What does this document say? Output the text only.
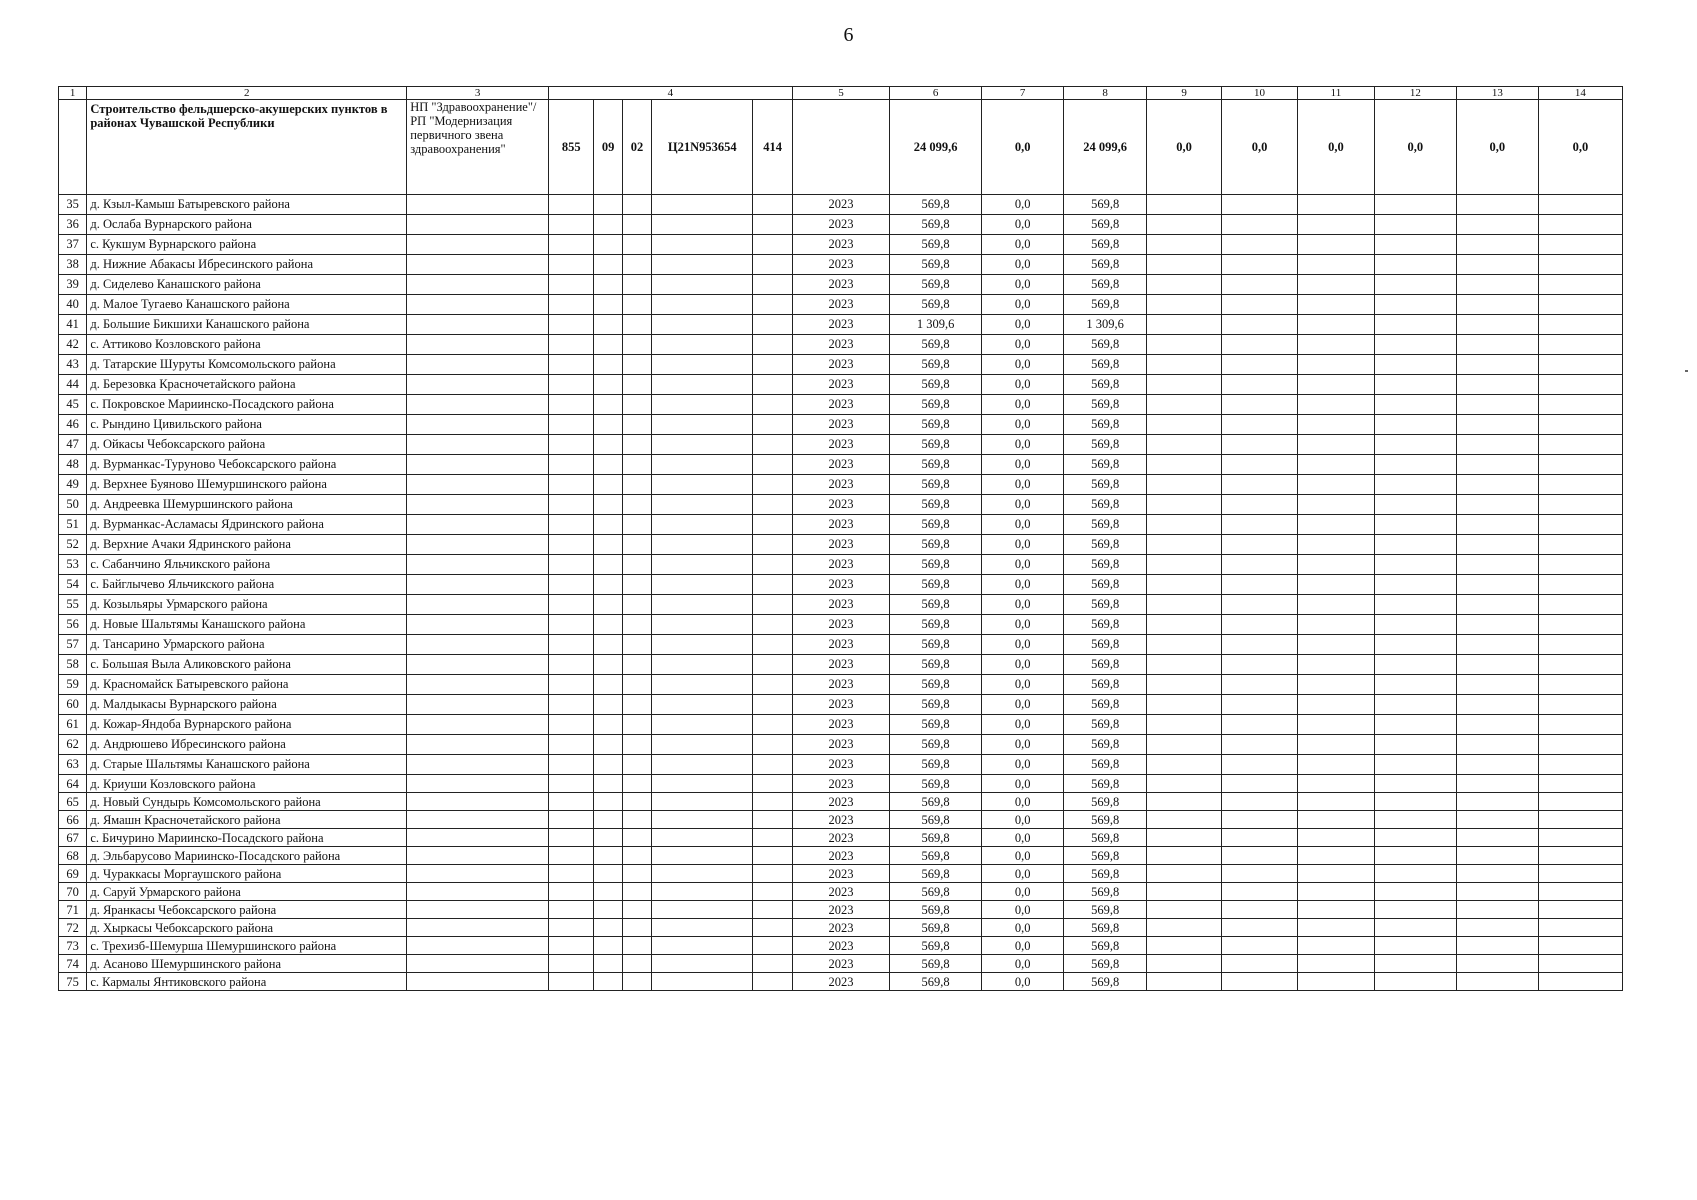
6
1	2	3	4					5	6	7	8	9	10	11	12	13	14
	Строительство фельдшерско-акушерских пунктов в районах Чувашской Республики	НП "Здравоохранение"/ РП "Модернизация первичного звена здравоохранения"	855	09	02	Ц21N953654	414		24 099,6	0,0	24 099,6	0,0	0,0	0,0	0,0	0,0	0,0
35	д. Кзыл-Камыш Батыревского района							2023	569,8	0,0	569,8						
36	д. Ослаба Вурнарского района							2023	569,8	0,0	569,8						
37	с. Кукшум Вурнарского района							2023	569,8	0,0	569,8						
38	д. Нижние Абакасы Ибресинского района							2023	569,8	0,0	569,8						
39	д. Сиделево Канашского района							2023	569,8	0,0	569,8						
40	д. Малое Тугаево Канашского района							2023	569,8	0,0	569,8						
41	д. Большие Бикшихи Канашского района							2023	1 309,6	0,0	1 309,6						
42	с. Аттиково Козловского района							2023	569,8	0,0	569,8						
43	д. Татарские Шуруты Комсомольского района							2023	569,8	0,0	569,8						
44	д. Березовка Красночетайского района							2023	569,8	0,0	569,8						
45	с. Покровское Мариинско-Посадского района							2023	569,8	0,0	569,8						
46	с. Рындино Цивильского района							2023	569,8	0,0	569,8						
47	д. Ойкасы Чебоксарского района							2023	569,8	0,0	569,8						
48	д. Вурманкас-Туруново Чебоксарского района							2023	569,8	0,0	569,8						
49	д. Верхнее Буяново Шемуршинского района							2023	569,8	0,0	569,8						
50	д. Андреевка Шемуршинского района							2023	569,8	0,0	569,8						
51	д. Вурманкас-Асламасы Ядринского района							2023	569,8	0,0	569,8						
52	д. Верхние Ачаки Ядринского района							2023	569,8	0,0	569,8						
53	с. Сабанчино Яльчикского района							2023	569,8	0,0	569,8						
54	с. Байглычево Яльчикского района							2023	569,8	0,0	569,8						
55	д. Козыльяры Урмарского района							2023	569,8	0,0	569,8						
56	д. Новые Шальтямы Канашского района							2023	569,8	0,0	569,8						
57	д. Тансарино Урмарского района							2023	569,8	0,0	569,8						
58	с. Большая Выла Аликовского района							2023	569,8	0,0	569,8						
59	д. Красномайск Батыревского района							2023	569,8	0,0	569,8						
60	д. Малдыкасы Вурнарского района							2023	569,8	0,0	569,8						
61	д. Кожар-Яндоба Вурнарского района							2023	569,8	0,0	569,8						
62	д. Андрюшево Ибресинского района							2023	569,8	0,0	569,8						
63	д. Старые Шальтямы Канашского района							2023	569,8	0,0	569,8						
64	д. Криуши Козловского района							2023	569,8	0,0	569,8						
65	д. Новый Сундырь Комсомольского района							2023	569,8	0,0	569,8						
66	д. Ямашн Красночетайского района							2023	569,8	0,0	569,8						
67	с. Бичурино Мариинско-Посадского района							2023	569,8	0,0	569,8						
68	д. Эльбарусово Мариинско-Посадского района							2023	569,8	0,0	569,8						
69	д. Чураккасы Моргаушского района							2023	569,8	0,0	569,8						
70	д. Саруй Урмарского района							2023	569,8	0,0	569,8						
71	д. Яранкасы Чебоксарского района							2023	569,8	0,0	569,8						
72	д. Хыркасы Чебоксарского района							2023	569,8	0,0	569,8						
73	с. Трехизб-Шемурша Шемуршинского района							2023	569,8	0,0	569,8						
74	д. Асаново Шемуршинского района							2023	569,8	0,0	569,8						
75	с. Кармалы Янтиковского района							2023	569,8	0,0	569,8						
